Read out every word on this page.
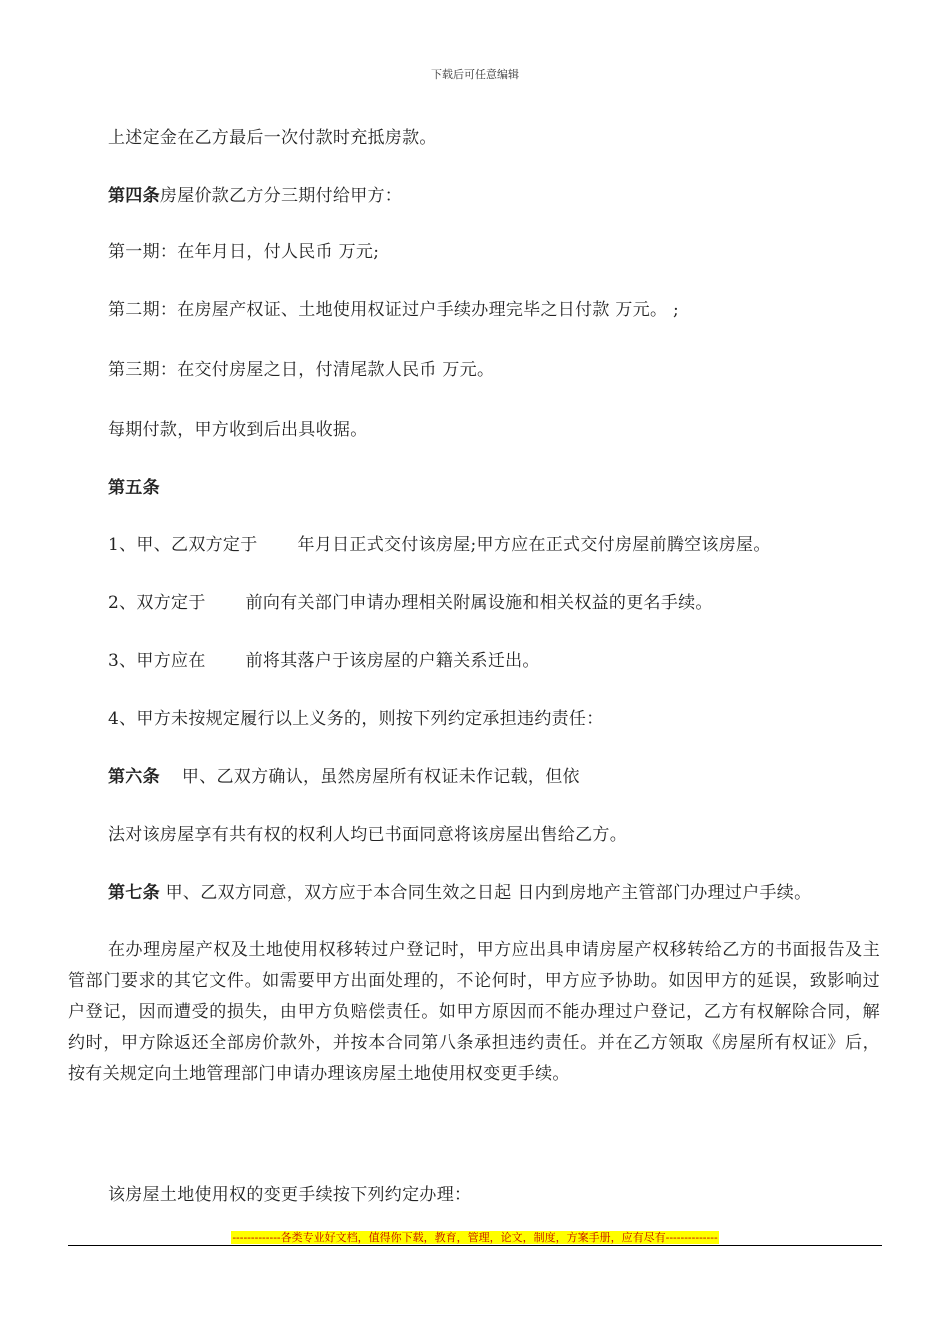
下载后可任意编辑
上述定金在乙方最后一次付款时充抵房款。
第四条房屋价款乙方分三期付给甲方：
第一期：在年月日，付人民币 万元;
第二期：在房屋产权证、土地使用权证过户手续办理完毕之日付款 万元。 ;
第三期：在交付房屋之日，付清尾款人民币 万元。
每期付款，甲方收到后出具收据。
第五条
1、甲、乙双方定于 年月日正式交付该房屋;甲方应在正式交付房屋前腾空该房屋。
2、双方定于 前向有关部门申请办理相关附属设施和相关权益的更名手续。
3、甲方应在 前将其落户于该房屋的户籍关系迁出。
4、甲方未按规定履行以上义务的，则按下列约定承担违约责任：
第六条 甲、乙双方确认，虽然房屋所有权证未作记载，但依
法对该房屋享有共有权的权利人均已书面同意将该房屋出售给乙方。
第七条 甲、乙双方同意，双方应于本合同生效之日起 日内到房地产主管部门办理过户手续。
在办理房屋产权及土地使用权移转过户登记时，甲方应出具申请房屋产权移转给乙方的书面报告及主管部门要求的其它文件。如需要甲方出面处理的，不论何时，甲方应予协助。如因甲方的延误，致影响过户登记，因而遭受的损失，由甲方负赔偿责任。如甲方原因而不能办理过户登记，乙方有权解除合同，解约时，甲方除返还全部房价款外，并按本合同第八条承担违约责任。并在乙方领取《房屋所有权证》后，按有关规定向土地管理部门申请办理该房屋土地使用权变更手续。
该房屋土地使用权的变更手续按下列约定办理：
-------------各类专业好文档，值得你下载，教育，管理，论文，制度，方案手册，应有尽有--------------
